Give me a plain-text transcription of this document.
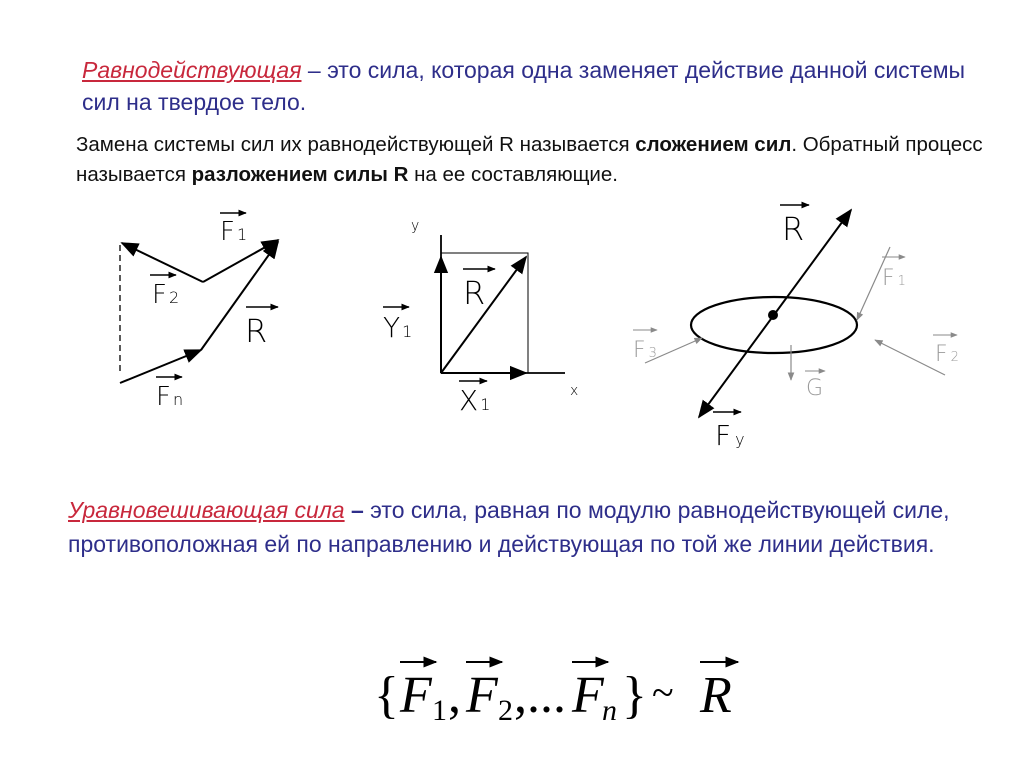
Равнодействующая – это сила, которая одна заменяет действие данной системы сил на твердое тело.
Замена системы сил их равнодействующей R называется сложением сил. Обратный процесс называется разложением силы R на ее составляющие.
F 1
F 2
R
Fn
y
x
R
Y 1
X 1
R
F 1
F 2
F 3
G
Fy
Уравновешивающая сила – это сила, равная по модулю равнодействующей силе, противоположная ей по направлению и действующая по той же линии действия.
{ F 1 , F 2 ,... F
n } ~ R
